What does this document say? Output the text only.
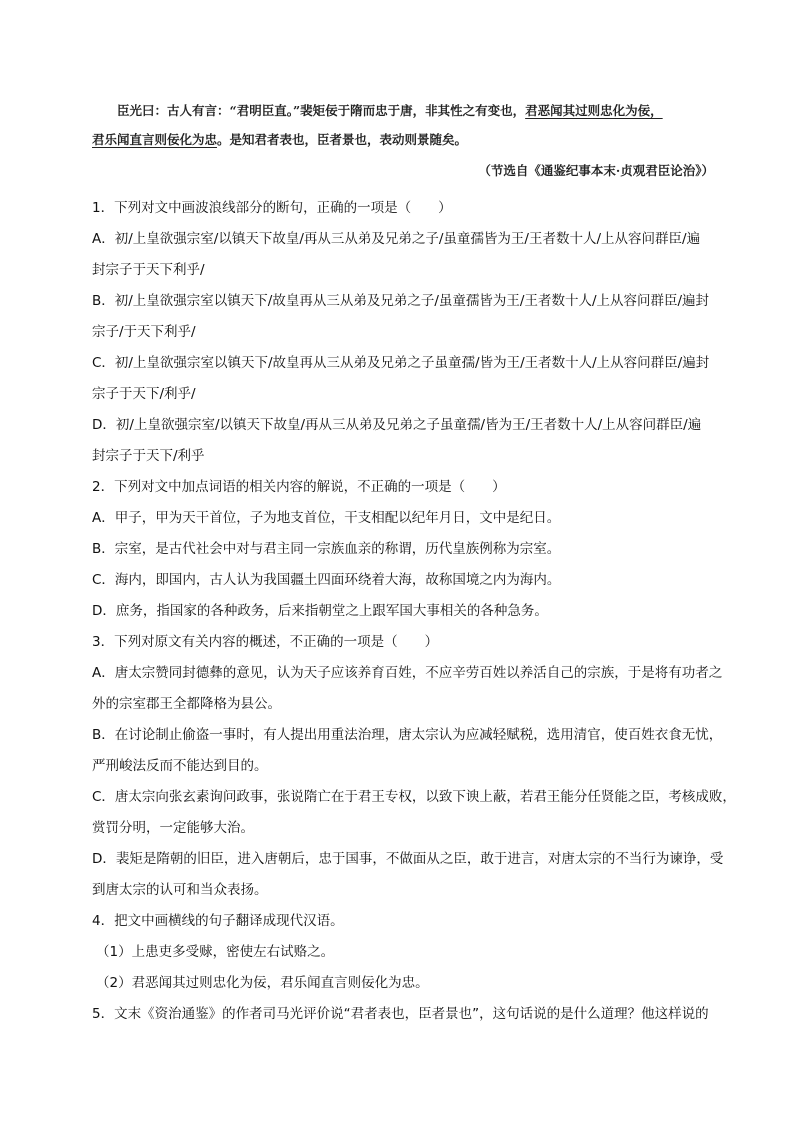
臣光曰：古人有言：“君明臣直。”裴矩佞于隋而忠于唐，非其性之有变也，君恶闻其过则忠化为佞，
君乐闻直言则佞化为忠。是知君者表也，臣者景也，表动则景随矣。
（节选自《通鉴纪事本末·贞观君臣论治》）
1．下列对文中画波浪线部分的断句，正确的一项是（　　）
A．初/上皇欲强宗室/以镇天下故皇/再从三从弟及兄弟之子/虽童孺皆为王/王者数十人/上从容问群臣/遍
封宗子于天下利乎/
B．初/上皇欲强宗室以镇天下/故皇再从三从弟及兄弟之子/虽童孺皆为王/王者数十人/上从容问群臣/遍封
宗子/于天下利乎/
C．初/上皇欲强宗室以镇天下/故皇再从三从弟及兄弟之子虽童孺/皆为王/王者数十人/上从容问群臣/遍封
宗子于天下/利乎/
D．初/上皇欲强宗室/以镇天下故皇/再从三从弟及兄弟之子虽童孺/皆为王/王者数十人/上从容问群臣/遍
封宗子于天下/利乎
2．下列对文中加点词语的相关内容的解说，不正确的一项是（　　）
A．甲子，甲为天干首位，子为地支首位，干支相配以纪年月日，文中是纪日。
B．宗室，是古代社会中对与君主同一宗族血亲的称谓，历代皇族例称为宗室。
C．海内，即国内，古人认为我国疆土四面环绕着大海，故称国境之内为海内。
D．庶务，指国家的各种政务，后来指朝堂之上跟军国大事相关的各种急务。
3．下列对原文有关内容的概述，不正确的一项是（　　）
A．唐太宗赞同封德彝的意见，认为天子应该养育百姓，不应辛劳百姓以养活自己的宗族，于是将有功者之
外的宗室郡王全都降格为县公。
B．在讨论制止偷盗一事时，有人提出用重法治理，唐太宗认为应减轻赋税，选用清官，使百姓衣食无忧，
严刑峻法反而不能达到目的。
C．唐太宗向张玄素询问政事，张说隋亡在于君王专权，以致下谀上蔽，若君王能分任贤能之臣，考核成败，
赏罚分明，一定能够大治。
D．裴矩是隋朝的旧臣，进入唐朝后，忠于国事，不做面从之臣，敢于进言，对唐太宗的不当行为谏诤，受
到唐太宗的认可和当众表扬。
4．把文中画横线的句子翻译成现代汉语。
（1）上患吏多受赇，密使左右试赂之。
（2）君恶闻其过则忠化为佞，君乐闻直言则佞化为忠。
5．文末《资治通鉴》的作者司马光评价说“君者表也，臣者景也”，这句话说的是什么道理？他这样说的
